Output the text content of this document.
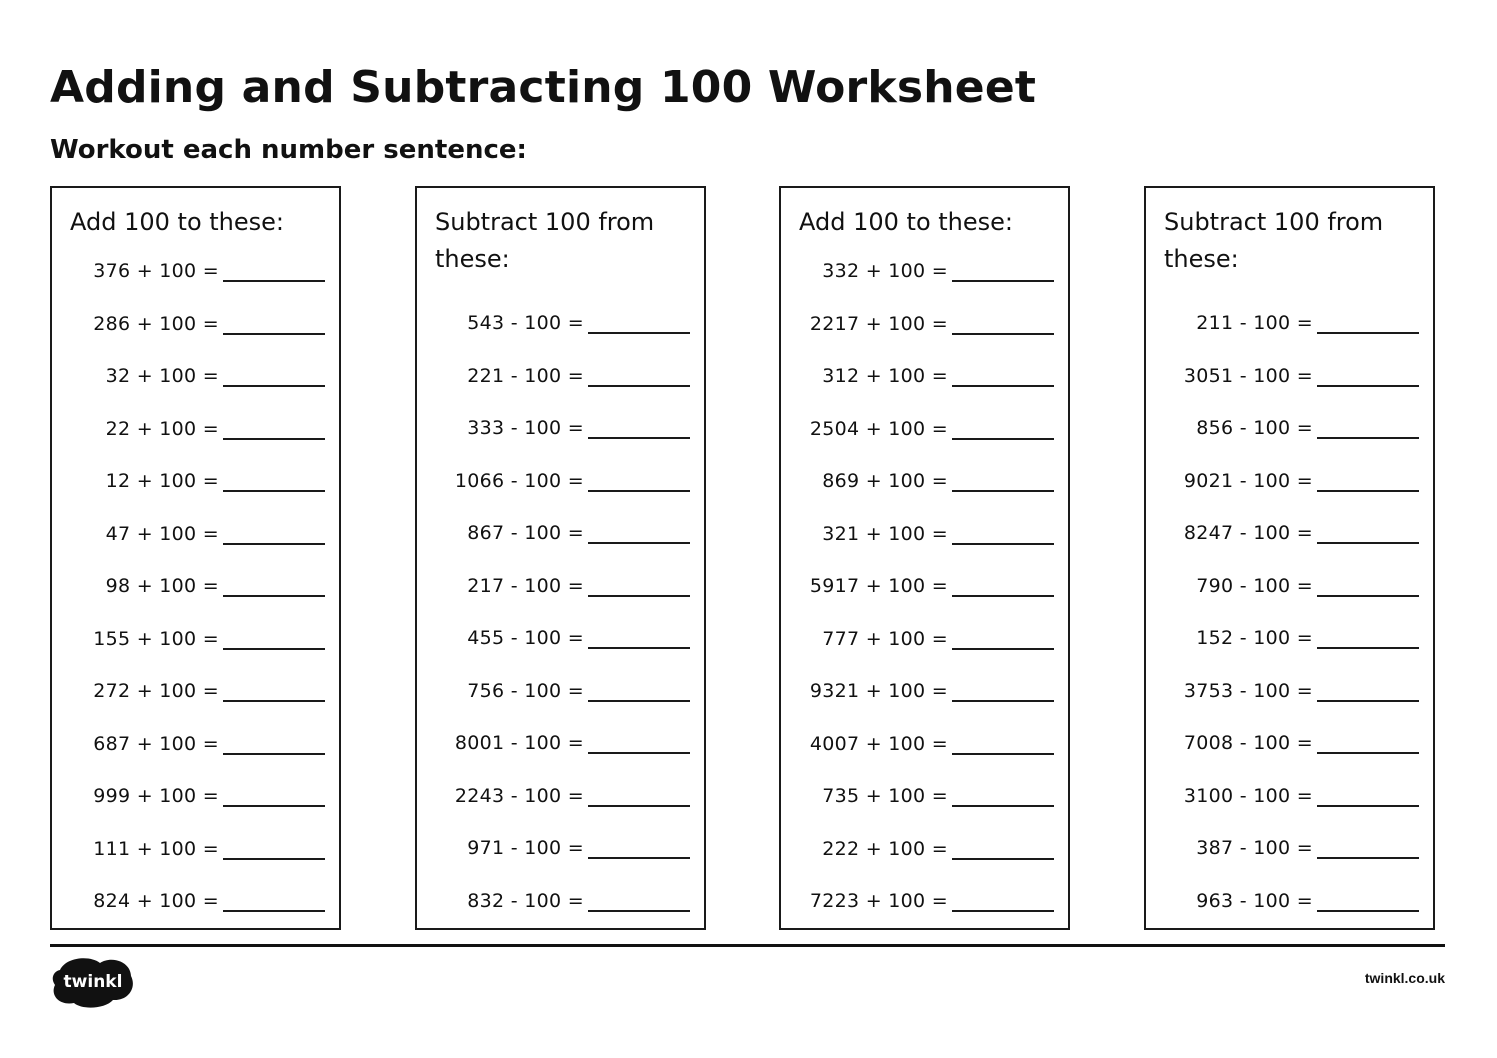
Adding and Subtracting 100 Worksheet
Workout each number sentence:
Add 100 to these:
376 + 100 =
286 + 100 =
32 + 100 =
22 + 100 =
12 + 100 =
47 + 100 =
98 + 100 =
155 + 100 =
272 + 100 =
687 + 100 =
999 + 100 =
111 + 100 =
824 + 100 =
Subtract 100 from these:
543 - 100 =
221 - 100 =
333 - 100 =
1066 - 100 =
867 - 100 =
217 - 100 =
455 - 100 =
756 - 100 =
8001 - 100 =
2243 - 100 =
971 - 100 =
832 - 100 =
Add 100 to these:
332 + 100 =
2217 + 100 =
312 + 100 =
2504 + 100 =
869 + 100 =
321 + 100 =
5917 + 100 =
777 + 100 =
9321 + 100 =
4007 + 100 =
735 + 100 =
222 + 100 =
7223 + 100 =
Subtract 100 from these:
211 - 100 =
3051 - 100 =
856 - 100 =
9021 - 100 =
8247 - 100 =
790 - 100 =
152 - 100 =
3753 - 100 =
7008 - 100 =
3100 - 100 =
387 - 100 =
963 - 100 =
twinkl	twinkl.co.uk
